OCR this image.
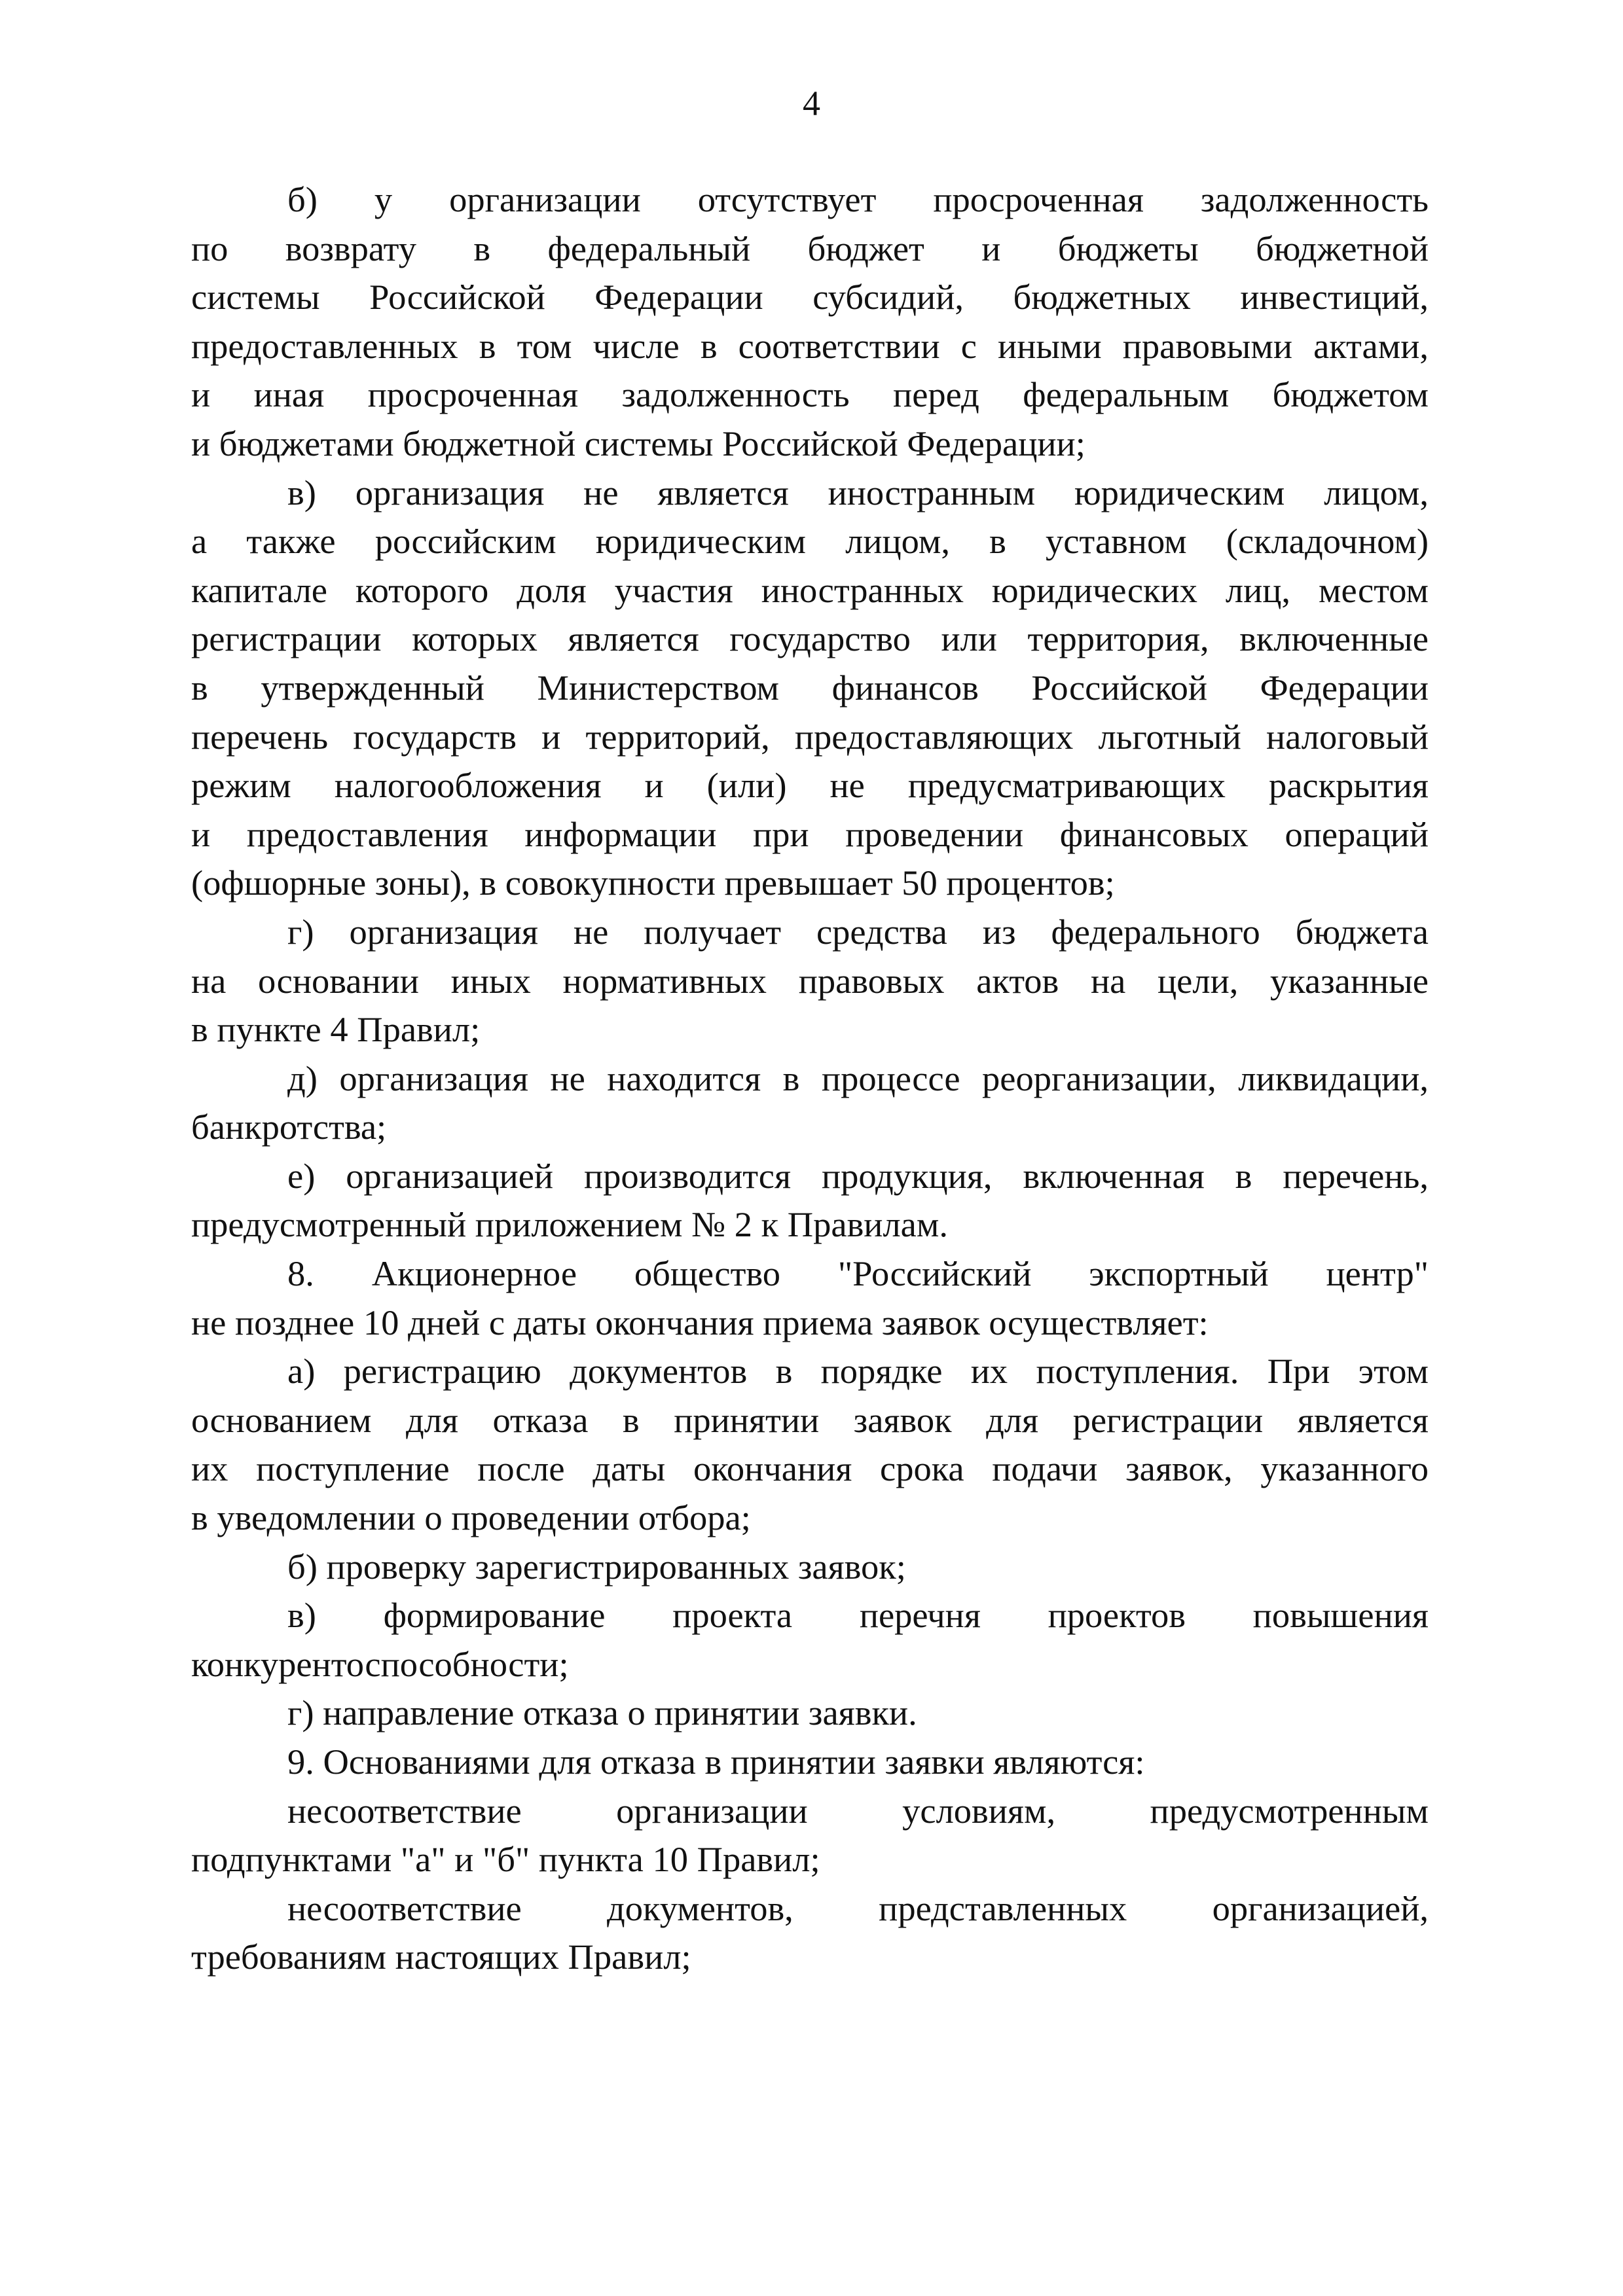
4
б) у организации отсутствует просроченная задолженность
по возврату в федеральный бюджет и бюджеты бюджетной
системы Российской Федерации субсидий, бюджетных инвестиций,
предоставленных в том числе в соответствии с иными правовыми актами,
и иная просроченная задолженность перед федеральным бюджетом
и бюджетами бюджетной системы Российской Федерации;
в) организация не является иностранным юридическим лицом,
а также российским юридическим лицом, в уставном (складочном)
капитале которого доля участия иностранных юридических лиц, местом
регистрации которых является государство или территория, включенные
в утвержденный Министерством финансов Российской Федерации
перечень государств и территорий, предоставляющих льготный налоговый
режим налогообложения и (или) не предусматривающих раскрытия
и предоставления информации при проведении финансовых операций
(офшорные зоны), в совокупности превышает 50 процентов;
г) организация не получает средства из федерального бюджета
на основании иных нормативных правовых актов на цели, указанные
в пункте 4 Правил;
д) организация не находится в процессе реорганизации, ликвидации,
банкротства;
е) организацией производится продукция, включенная в перечень,
предусмотренный приложением № 2 к Правилам.
8. Акционерное общество "Российский экспортный центр"
не позднее 10 дней с даты окончания приема заявок осуществляет:
а) регистрацию документов в порядке их поступления. При этом
основанием для отказа в принятии заявок для регистрации является
их поступление после даты окончания срока подачи заявок, указанного
в уведомлении о проведении отбора;
б) проверку зарегистрированных заявок;
в) формирование проекта перечня проектов повышения
конкурентоспособности;
г) направление отказа о принятии заявки.
9. Основаниями для отказа в принятии заявки являются:
несоответствие организации условиям, предусмотренным
подпунктами "а" и "б" пункта 10 Правил;
несоответствие документов, представленных организацией,
требованиям настоящих Правил;
